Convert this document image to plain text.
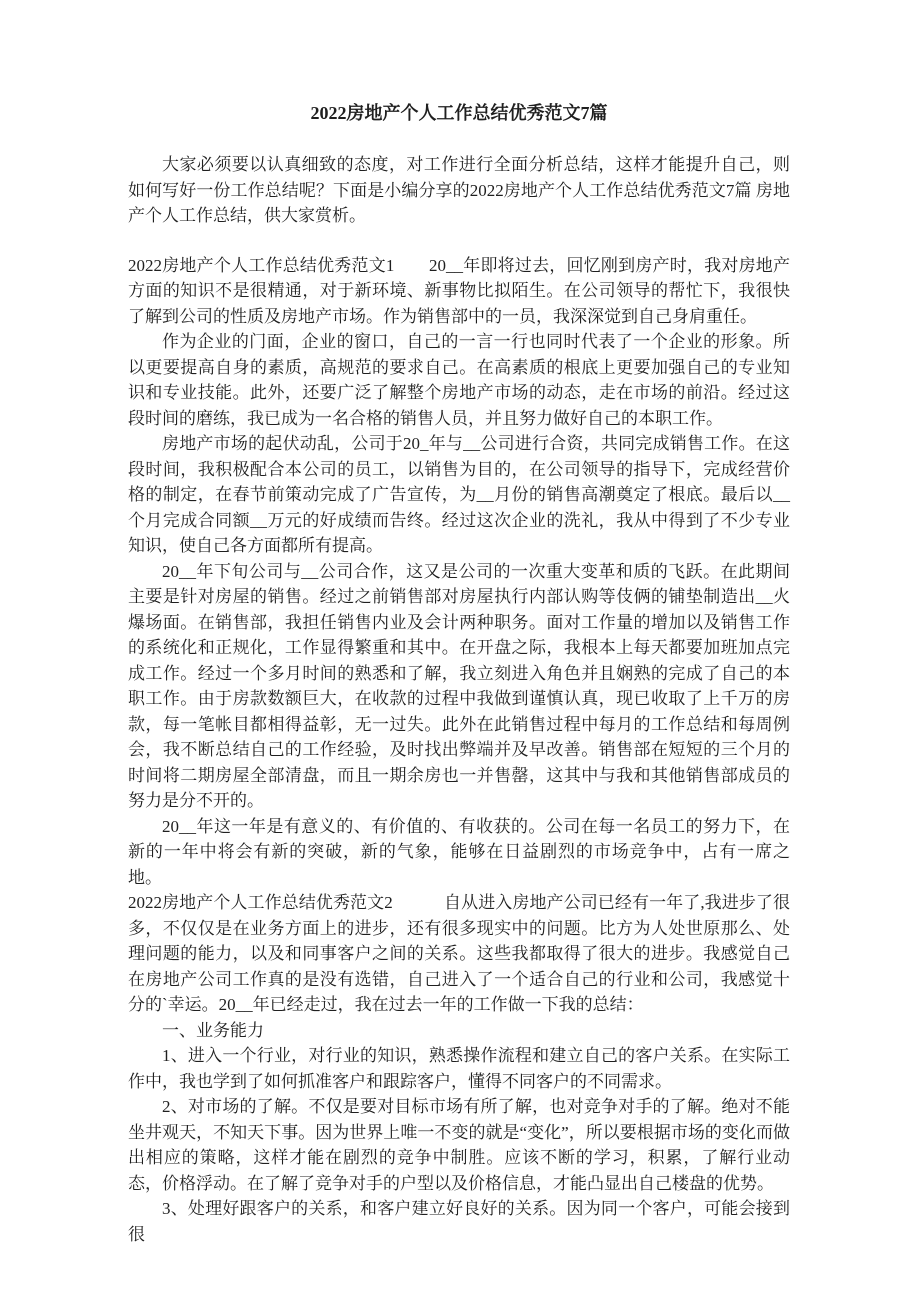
2022房地产个人工作总结优秀范文7篇

大家必须要以认真细致的态度，对工作进行全面分析总结，这样才能提升自己，则如何写好一份工作总结呢？下面是小编分享的2022房地产个人工作总结优秀范文7篇 房地产个人工作总结，供大家赏析。

2022房地产个人工作总结优秀范文1　　20__年即将过去，回忆刚到房产时，我对房地产方面的知识不是很精通，对于新环境、新事物比拟陌生。在公司领导的帮忙下，我很快了解到公司的性质及房地产市场。作为销售部中的一员，我深深觉到自己身肩重任。

作为企业的门面，企业的窗口，自己的一言一行也同时代表了一个企业的形象。所以更要提高自身的素质，高规范的要求自己。在高素质的根底上更要加强自己的专业知识和专业技能。此外，还要广泛了解整个房地产市场的动态，走在市场的前沿。经过这段时间的磨练，我已成为一名合格的销售人员，并且努力做好自己的本职工作。

房地产市场的起伏动乱，公司于20_年与__公司进行合资，共同完成销售工作。在这段时间，我积极配合本公司的员工，以销售为目的，在公司领导的指导下，完成经营价格的制定，在春节前策动完成了广告宣传，为__月份的销售高潮奠定了根底。最后以__个月完成合同额__万元的好成绩而告终。经过这次企业的洗礼，我从中得到了不少专业知识，使自己各方面都所有提高。

20__年下旬公司与__公司合作，这又是公司的一次重大变革和质的飞跃。在此期间主要是针对房屋的销售。经过之前销售部对房屋执行内部认购等伎俩的铺垫制造出__火爆场面。在销售部，我担任销售内业及会计两种职务。面对工作量的增加以及销售工作的系统化和正规化，工作显得繁重和其中。在开盘之际，我根本上每天都要加班加点完成工作。经过一个多月时间的熟悉和了解，我立刻进入角色并且娴熟的完成了自己的本职工作。由于房款数额巨大，在收款的过程中我做到谨慎认真，现已收取了上千万的房款，每一笔帐目都相得益彰，无一过失。此外在此销售过程中每月的工作总结和每周例会，我不断总结自己的工作经验，及时找出弊端并及早改善。销售部在短短的三个月的时间将二期房屋全部清盘，而且一期余房也一并售罄，这其中与我和其他销售部成员的努力是分不开的。

20__年这一年是有意义的、有价值的、有收获的。公司在每一名员工的努力下，在新的一年中将会有新的突破，新的气象，能够在日益剧烈的市场竞争中，占有一席之地。

2022房地产个人工作总结优秀范文2　　　自从进入房地产公司已经有一年了,我进步了很多，不仅仅是在业务方面上的进步，还有很多现实中的问题。比方为人处世原那么、处理问题的能力，以及和同事客户之间的关系。这些我都取得了很大的进步。我感觉自己在房地产公司工作真的是没有选错，自己进入了一个适合自己的行业和公司，我感觉十分的`幸运。20__年已经走过，我在过去一年的工作做一下我的总结：

一、业务能力

1、进入一个行业，对行业的知识，熟悉操作流程和建立自己的客户关系。在实际工作中，我也学到了如何抓准客户和跟踪客户，懂得不同客户的不同需求。

2、对市场的了解。不仅是要对目标市场有所了解，也对竞争对手的了解。绝对不能坐井观天，不知天下事。因为世界上唯一不变的就是“变化”，所以要根据市场的变化而做出相应的策略，这样才能在剧烈的竞争中制胜。应该不断的学习，积累，了解行业动态，价格浮动。在了解了竞争对手的户型以及价格信息，才能凸显出自己楼盘的优势。

3、处理好跟客户的关系，和客户建立好良好的关系。因为同一个客户，可能会接到很
